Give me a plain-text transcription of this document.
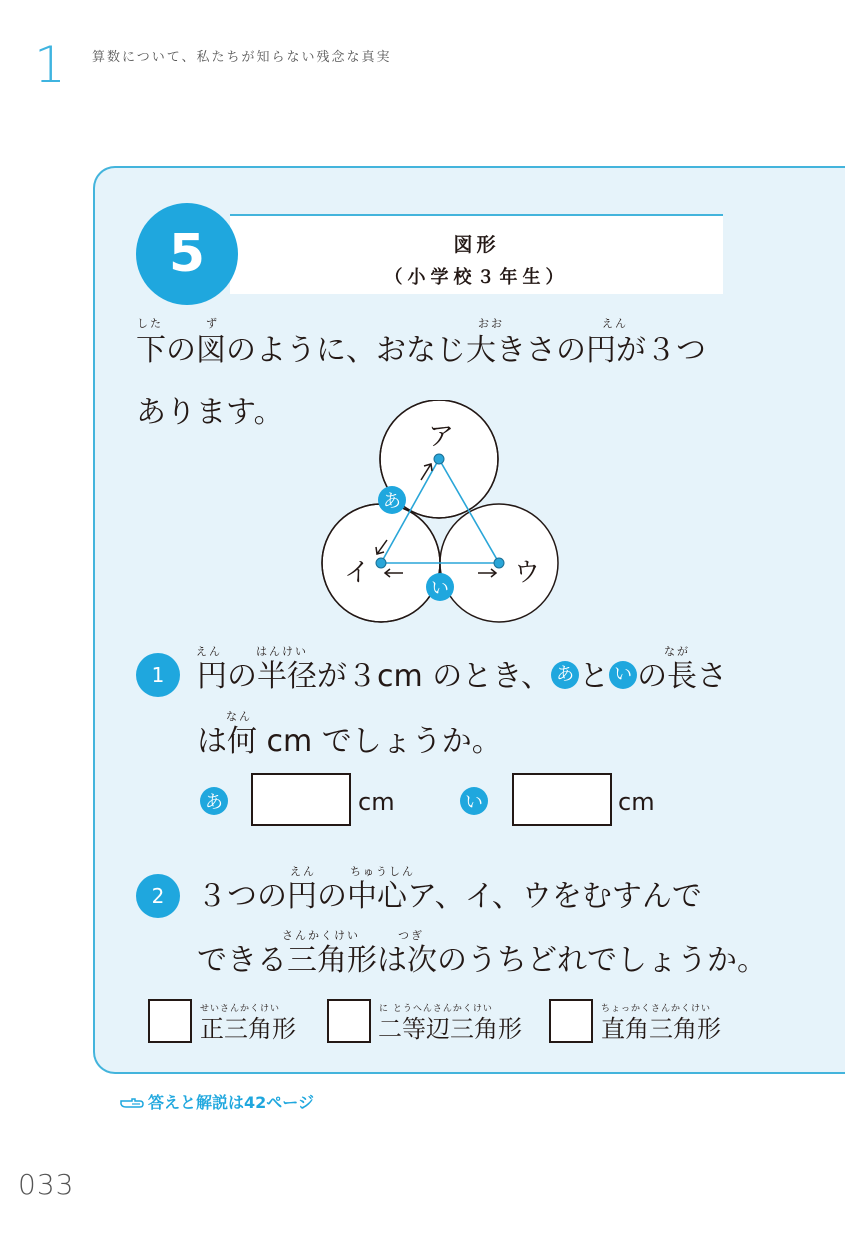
1 算数について、私たちが知らない残念な真実
5	図形
（小学校３年生）
した	ず	おお	えん
下の図のように、おなじ大きさの円が３つ
あります。
ア
イ	ウ
あ
い
1
えん	はんけい	なが
円の半径が３cm のとき、 あ と い の長さ
なん
は何 cm でしょうか。
あ	cm	い	cm
2
えん	ちゅうしん
３つの円の中心ア、イ、ウをむすんで
さんかくけい	つぎ
できる三角形は次のうちどれでしょうか。
せいさんかくけい
正三角形
に とうへんさんかくけい
二等辺三角形
ちょっかくさんかくけい
直角三角形
答えと解説は42ページ
033
